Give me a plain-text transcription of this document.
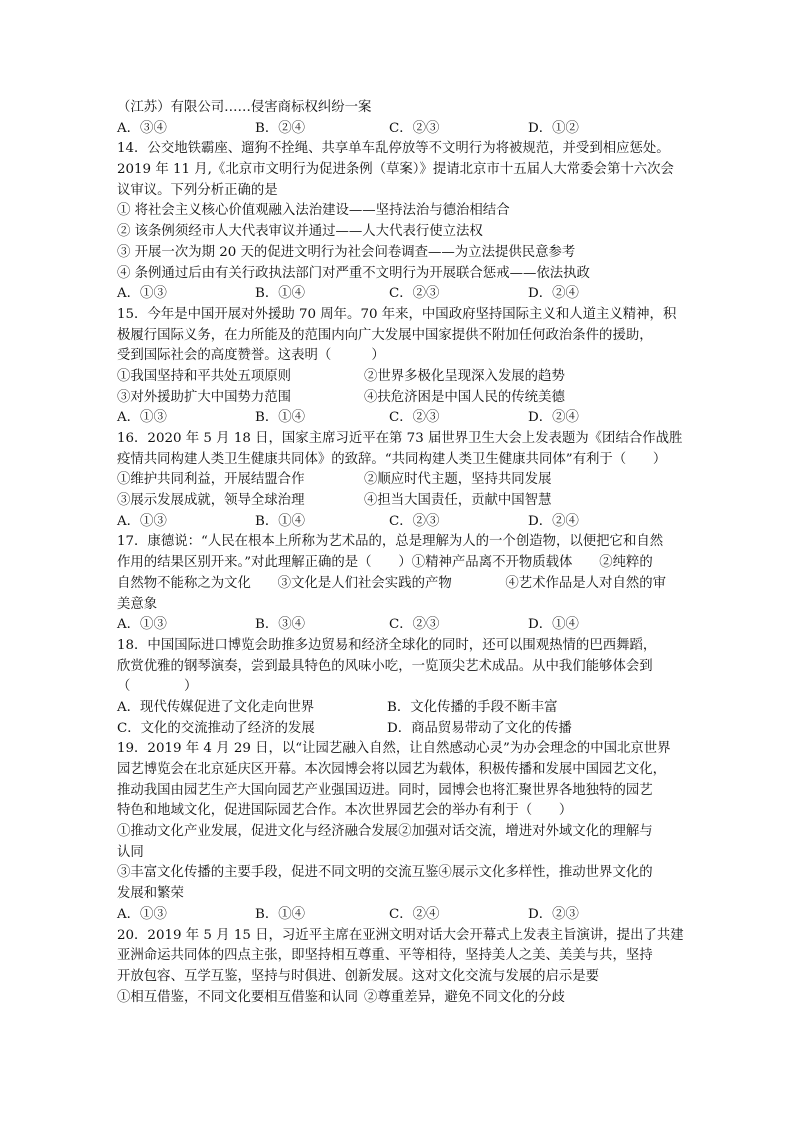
（江苏）有限公司……侵害商标权纠纷一案
A．③④	B．②④	C．②③	D．①②
14．公交地铁霸座、遛狗不拴绳、共享单车乱停放等不文明行为将被规范，并受到相应惩处。
2019 年 11 月,《北京市文明行为促进条例（草案）》提请北京市十五届人大常委会第十六次会
议审议。下列分析正确的是
① 将社会主义核心价值观融入法治建设——坚持法治与德治相结合
② 该条例须经市人大代表审议并通过——人大代表行使立法权
③ 开展一次为期 20 天的促进文明行为社会问卷调查——为立法提供民意参考
④ 条例通过后由有关行政执法部门对严重不文明行为开展联合惩戒——依法执政
A．①③	B．①④	C．②③	D．②④
15．今年是中国开展对外援助 70 周年。70 年来，中国政府坚持国际主义和人道主义精神，积
极履行国际义务，在力所能及的范围内向广大发展中国家提供不附加任何政治条件的援助，
受到国际社会的高度赞誉。这表明（　　　）
①我国坚持和平共处五项原则	②世界多极化呈现深入发展的趋势
③对外援助扩大中国势力范围	④扶危济困是中国人民的传统美德
A．①③	B．①④	C．②③	D．②④
16．2020 年 5 月 18 日，国家主席习近平在第 73 届世界卫生大会上发表题为《团结合作战胜
疫情共同构建人类卫生健康共同体》的致辞。“共同构建人类卫生健康共同体”有利于（　　）
①维护共同利益，开展结盟合作	②顺应时代主题，坚持共同发展
③展示发展成就，领导全球治理	④担当大国责任，贡献中国智慧
A．①③	B．①④	C．②③	D．②④
17．康德说：“人民在根本上所称为艺术品的，总是理解为人的一个创造物，以便把它和自然
作用的结果区别开来。”对此理解正确的是（　　）①精神产品离不开物质载体　　②纯粹的
自然物不能称之为文化　　③文化是人们社会实践的产物　　　　④艺术作品是人对自然的审
美意象
A．①③	B．③④	C．②③	D．①④
18．中国国际进口博览会助推多边贸易和经济全球化的同时，还可以围观热情的巴西舞蹈，
欣赏优雅的钢琴演奏，尝到最具特色的风味小吃，一览顶尖艺术成品。从中我们能够体会到
（　　　　）
A．现代传媒促进了文化走向世界	B．文化传播的手段不断丰富
C．文化的交流推动了经济的发展	D．商品贸易带动了文化的传播
19．2019 年 4 月 29 日，以“让园艺融入自然，让自然感动心灵”为办会理念的中国北京世界
园艺博览会在北京延庆区开幕。本次园博会将以园艺为载体，积极传播和发展中国园艺文化，
推动我国由园艺生产大国向园艺产业强国迈进。同时，园博会也将汇聚世界各地独特的园艺
特色和地域文化，促进国际园艺合作。本次世界园艺会的举办有利于（　　）
①推动文化产业发展，促进文化与经济融合发展②加强对话交流，增进对外域文化的理解与
认同
③丰富文化传播的主要手段，促进不同文明的交流互鉴④展示文化多样性，推动世界文化的
发展和繁荣
A．①③	B．①④	C．②④	D．②③
20．2019 年 5 月 15 日，习近平主席在亚洲文明对话大会开幕式上发表主旨演讲，提出了共建
亚洲命运共同体的四点主张，即坚持相互尊重、平等相待，坚持美人之美、美美与共，坚持
开放包容、互学互鉴，坚持与时俱进、创新发展。这对文化交流与发展的启示是要
①相互借鉴，不同文化要相互借鉴和认同 ②尊重差异，避免不同文化的分歧
